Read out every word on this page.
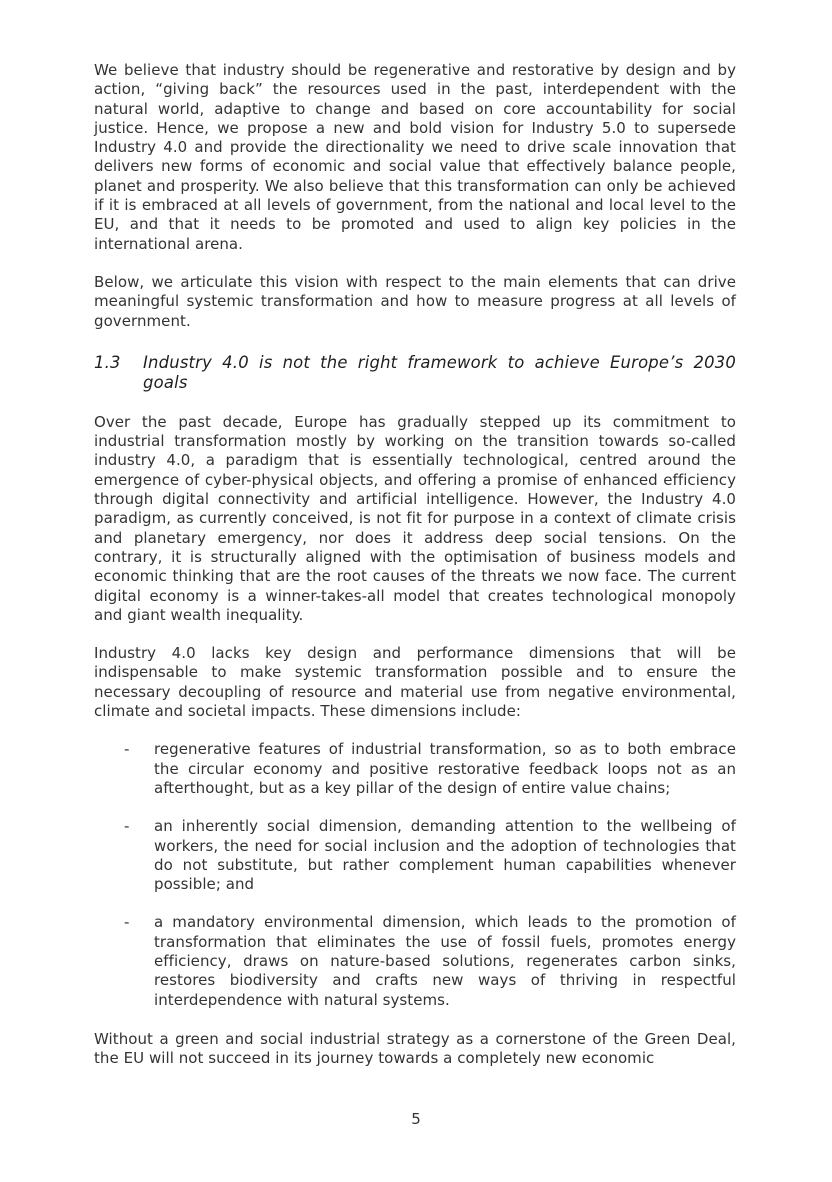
We believe that industry should be regenerative and restorative by design and by action, “giving back” the resources used in the past, interdependent with the natural world, adaptive to change and based on core accountability for social justice. Hence, we propose a new and bold vision for Industry 5.0 to supersede Industry 4.0 and provide the directionality we need to drive scale innovation that delivers new forms of economic and social value that effectively balance people, planet and prosperity. We also believe that this transformation can only be achieved if it is embraced at all levels of government, from the national and local level to the EU, and that it needs to be promoted and used to align key policies in the international arena.

Below, we articulate this vision with respect to the main elements that can drive meaningful systemic transformation and how to measure progress at all levels of government.

1.3	Industry 4.0 is not the right framework to achieve Europe’s 2030 goals

Over the past decade, Europe has gradually stepped up its commitment to industrial transformation mostly by working on the transition towards so-called industry 4.0, a paradigm that is essentially technological, centred around the emergence of cyber-physical objects, and offering a promise of enhanced efficiency through digital connectivity and artificial intelligence. However, the Industry 4.0 paradigm, as currently conceived, is not fit for purpose in a context of climate crisis and planetary emergency, nor does it address deep social tensions. On the contrary, it is structurally aligned with the optimisation of business models and economic thinking that are the root causes of the threats we now face. The current digital economy is a winner-takes-all model that creates technological monopoly and giant wealth inequality.

Industry 4.0 lacks key design and performance dimensions that will be indispensable to make systemic transformation possible and to ensure the necessary decoupling of resource and material use from negative environmental, climate and societal impacts. These dimensions include:

-	regenerative features of industrial transformation, so as to both embrace the circular economy and positive restorative feedback loops not as an afterthought, but as a key pillar of the design of entire value chains;
-	an inherently social dimension, demanding attention to the wellbeing of workers, the need for social inclusion and the adoption of technologies that do not substitute, but rather complement human capabilities whenever possible; and
-	a mandatory environmental dimension, which leads to the promotion of transformation that eliminates the use of fossil fuels, promotes energy efficiency, draws on nature-based solutions, regenerates carbon sinks, restores biodiversity and crafts new ways of thriving in respectful interdependence with natural systems.

Without a green and social industrial strategy as a cornerstone of the Green Deal, the EU will not succeed in its journey towards a completely new economic

5
